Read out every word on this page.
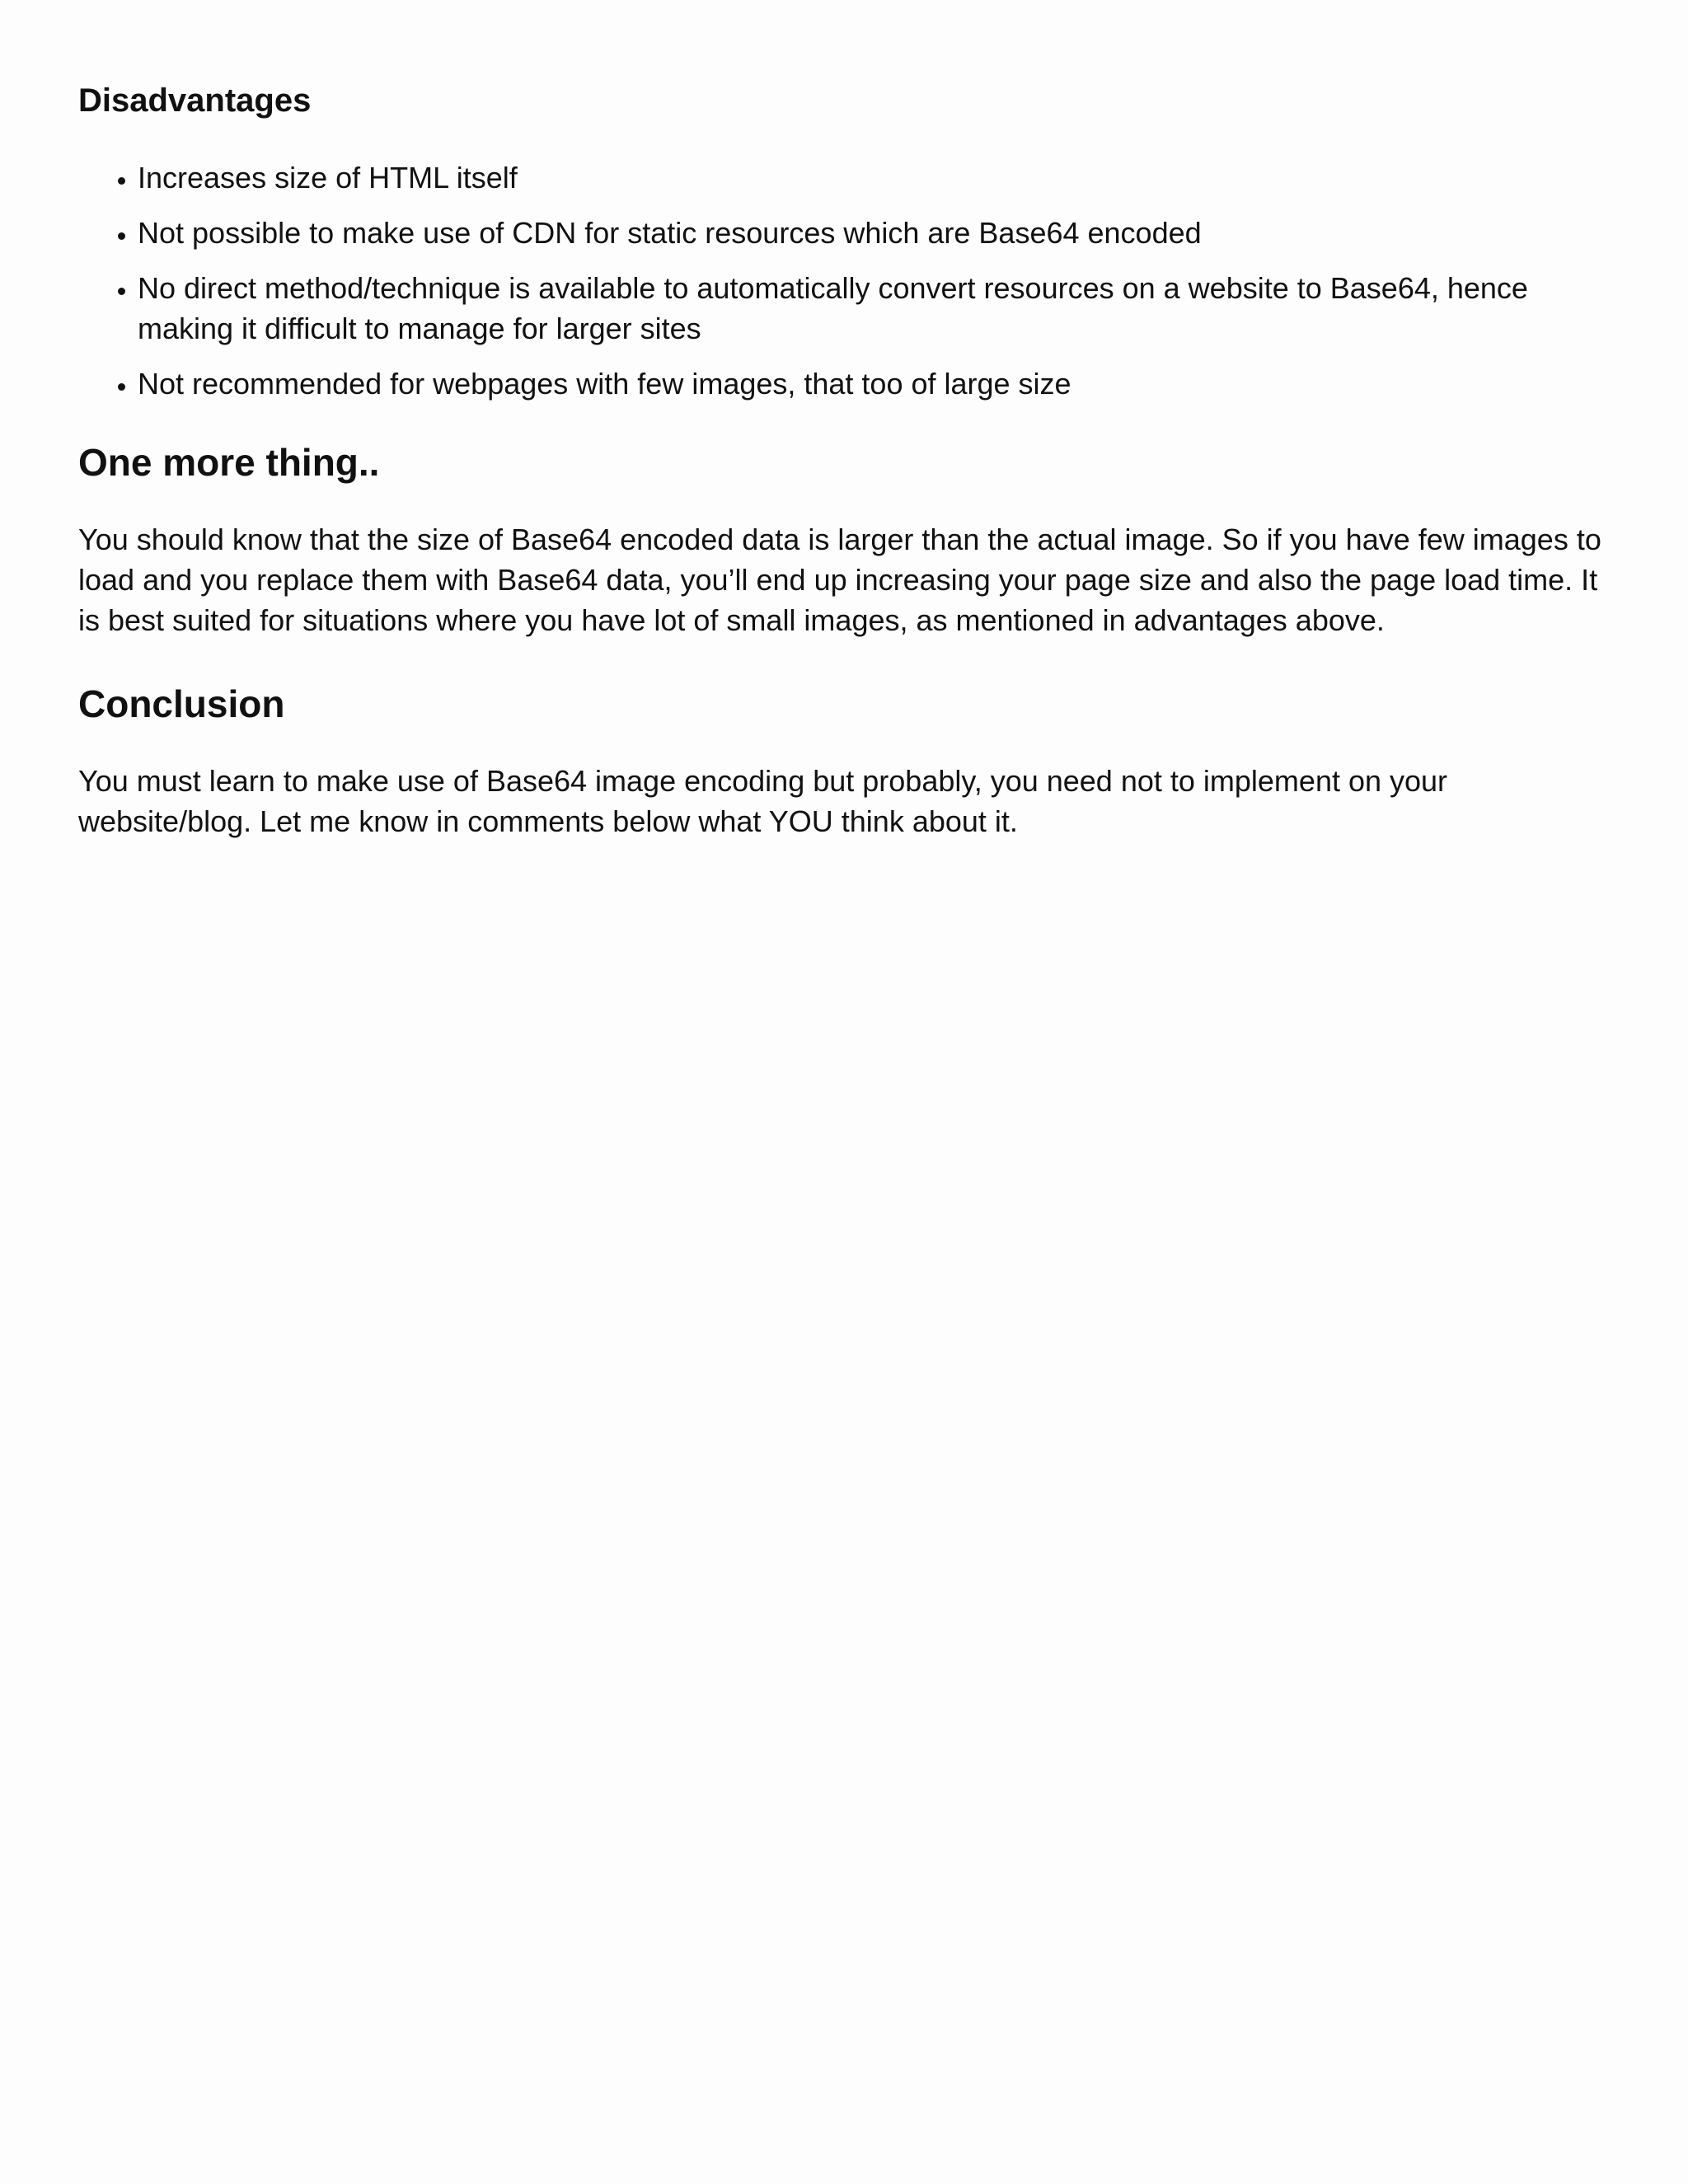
Disadvantages
• Increases size of HTML itself
• Not possible to make use of CDN for static resources which are Base64 encoded
• No direct method/technique is available to automatically convert resources on a website to Base64, hence making it difficult to manage for larger sites
• Not recommended for webpages with few images, that too of large size
One more thing..

You should know that the size of Base64 encoded data is larger than the actual image. So if you have few images to load and you replace them with Base64 data, you’ll end up increasing your page size and also the page load time. It is best suited for situations where you have lot of small images, as mentioned in advantages above.

Conclusion

You must learn to make use of Base64 image encoding but probably, you need not to implement on your website/blog. Let me know in comments below what YOU think about it.
